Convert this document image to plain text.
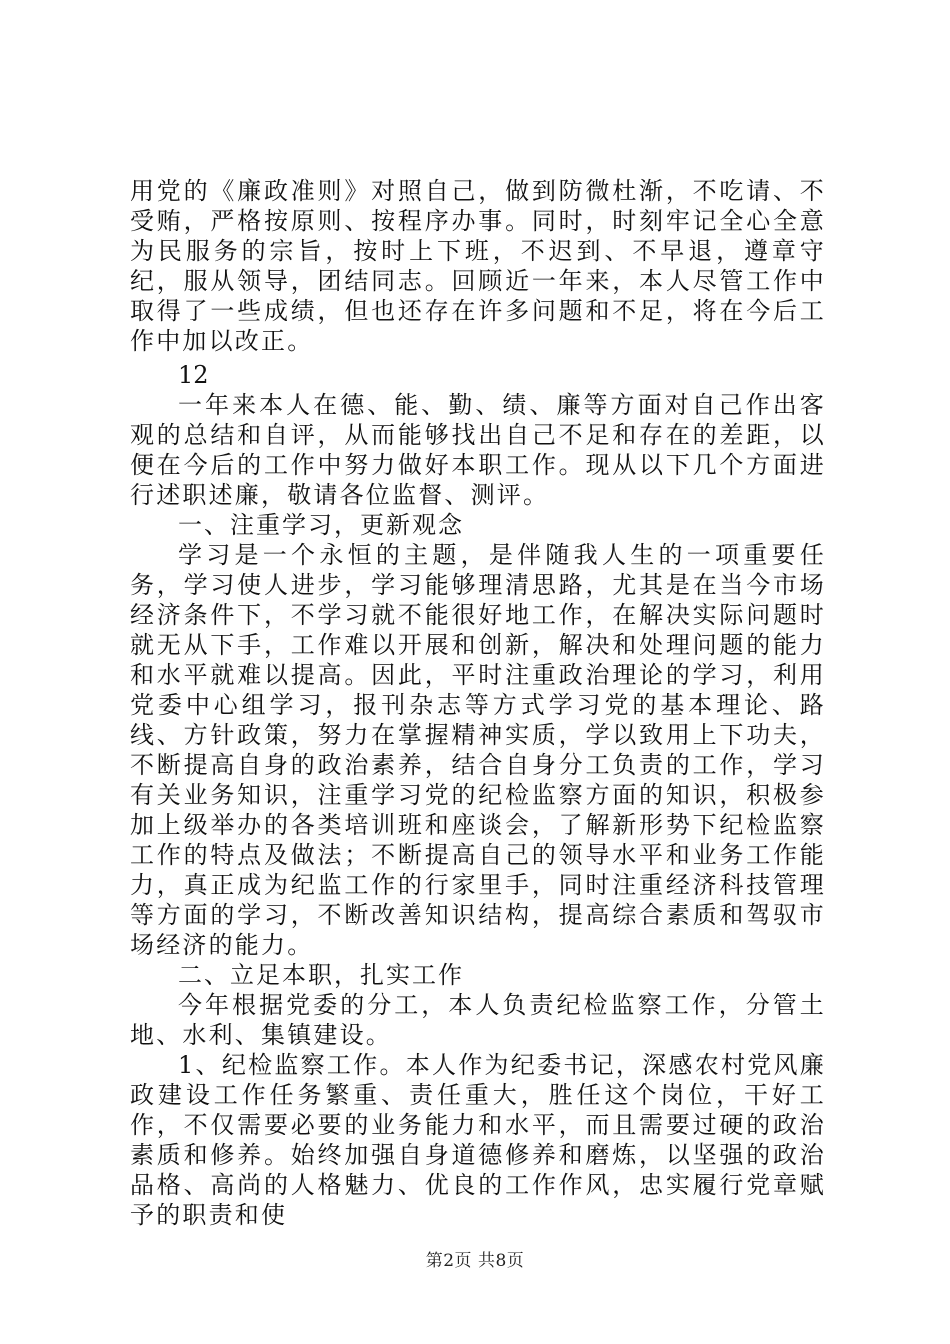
用党的《廉政准则》对照自己，做到防微杜渐，不吃请、不受贿，严格按原则、按程序办事。同时，时刻牢记全心全意为民服务的宗旨，按时上下班，不迟到、不早退，遵章守纪，服从领导，团结同志。回顾近一年来，本人尽管工作中取得了一些成绩，但也还存在许多问题和不足，将在今后工作中加以改正。

12

一年来本人在德、能、勤、绩、廉等方面对自己作出客观的总结和自评，从而能够找出自己不足和存在的差距，以便在今后的工作中努力做好本职工作。现从以下几个方面进行述职述廉，敬请各位监督、测评。

一、注重学习，更新观念

学习是一个永恒的主题，是伴随我人生的一项重要任务，学习使人进步，学习能够理清思路，尤其是在当今市场经济条件下，不学习就不能很好地工作，在解决实际问题时就无从下手，工作难以开展和创新，解决和处理问题的能力和水平就难以提高。因此，平时注重政治理论的学习，利用党委中心组学习，报刊杂志等方式学习党的基本理论、路线、方针政策，努力在掌握精神实质，学以致用上下功夫，不断提高自身的政治素养，结合自身分工负责的工作，学习有关业务知识，注重学习党的纪检监察方面的知识，积极参加上级举办的各类培训班和座谈会，了解新形势下纪检监察工作的特点及做法；不断提高自己的领导水平和业务工作能力，真正成为纪监工作的行家里手，同时注重经济科技管理等方面的学习，不断改善知识结构，提高综合素质和驾驭市场经济的能力。

二、立足本职，扎实工作

今年根据党委的分工，本人负责纪检监察工作，分管土地、水利、集镇建设。

1、纪检监察工作。本人作为纪委书记，深感农村党风廉政建设工作任务繁重、责任重大，胜任这个岗位，干好工作，不仅需要必要的业务能力和水平，而且需要过硬的政治素质和修养。始终加强自身道德修养和磨炼，以坚强的政治品格、高尚的人格魅力、优良的工作作风，忠实履行党章赋予的职责和使

第2页 共8页
